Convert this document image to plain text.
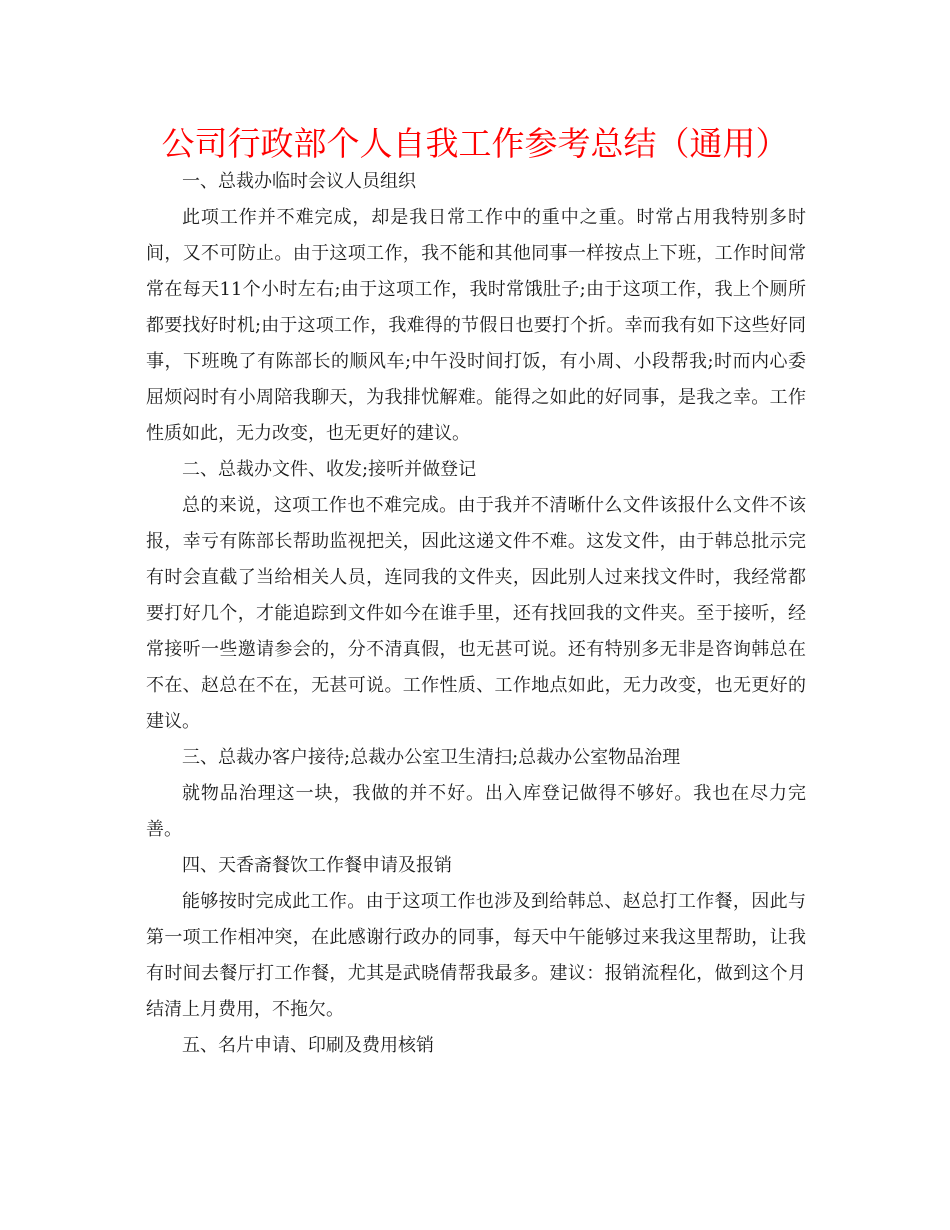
公司行政部个人自我工作参考总结（通用）

一、总裁办临时会议人员组织

此项工作并不难完成，却是我日常工作中的重中之重。时常占用我特别多时间，又不可防止。由于这项工作，我不能和其他同事一样按点上下班，工作时间常常在每天11个小时左右;由于这项工作，我时常饿肚子;由于这项工作，我上个厕所都要找好时机;由于这项工作，我难得的节假日也要打个折。幸而我有如下这些好同事，下班晚了有陈部长的顺风车;中午没时间打饭，有小周、小段帮我;时而内心委屈烦闷时有小周陪我聊天，为我排忧解难。能得之如此的好同事，是我之幸。工作性质如此，无力改变，也无更好的建议。

二、总裁办文件、收发;接听并做登记

总的来说，这项工作也不难完成。由于我并不清晰什么文件该报什么文件不该报，幸亏有陈部长帮助监视把关，因此这递文件不难。这发文件，由于韩总批示完有时会直截了当给相关人员，连同我的文件夹，因此别人过来找文件时，我经常都要打好几个，才能追踪到文件如今在谁手里，还有找回我的文件夹。至于接听，经常接听一些邀请参会的，分不清真假，也无甚可说。还有特别多无非是咨询韩总在不在、赵总在不在，无甚可说。工作性质、工作地点如此，无力改变，也无更好的建议。

三、总裁办客户接待;总裁办公室卫生清扫;总裁办公室物品治理

就物品治理这一块，我做的并不好。出入库登记做得不够好。我也在尽力完善。

四、天香斋餐饮工作餐申请及报销

能够按时完成此工作。由于这项工作也涉及到给韩总、赵总打工作餐，因此与第一项工作相冲突，在此感谢行政办的同事，每天中午能够过来我这里帮助，让我有时间去餐厅打工作餐，尤其是武晓倩帮我最多。建议：报销流程化，做到这个月结清上月费用，不拖欠。

五、名片申请、印刷及费用核销
